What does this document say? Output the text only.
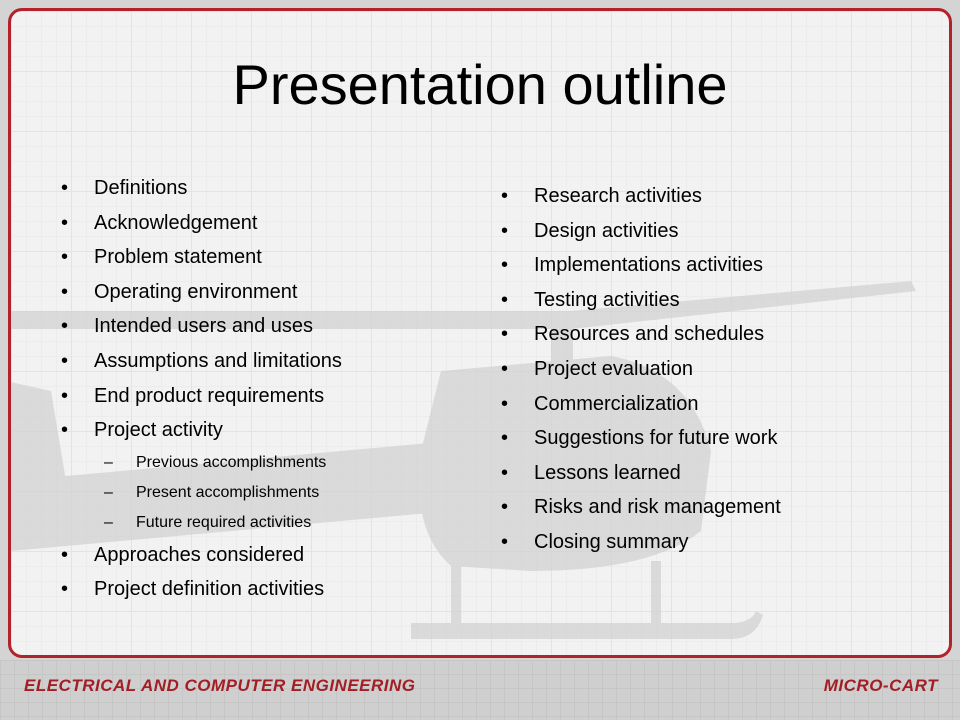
Presentation outline
• Definitions
• Acknowledgement
• Problem statement
• Operating environment
• Intended users and uses
• Assumptions and limitations
• End product requirements
• Project activity
– Previous accomplishments
– Present accomplishments
– Future required activities
• Approaches considered
• Project definition activities
• Research activities
• Design activities
• Implementations activities
• Testing activities
• Resources and schedules
• Project evaluation
• Commercialization
• Suggestions for future work
• Lessons learned
• Risks and risk management
• Closing summary
ELECTRICAL AND COMPUTER ENGINEERING	MICRO-CART
